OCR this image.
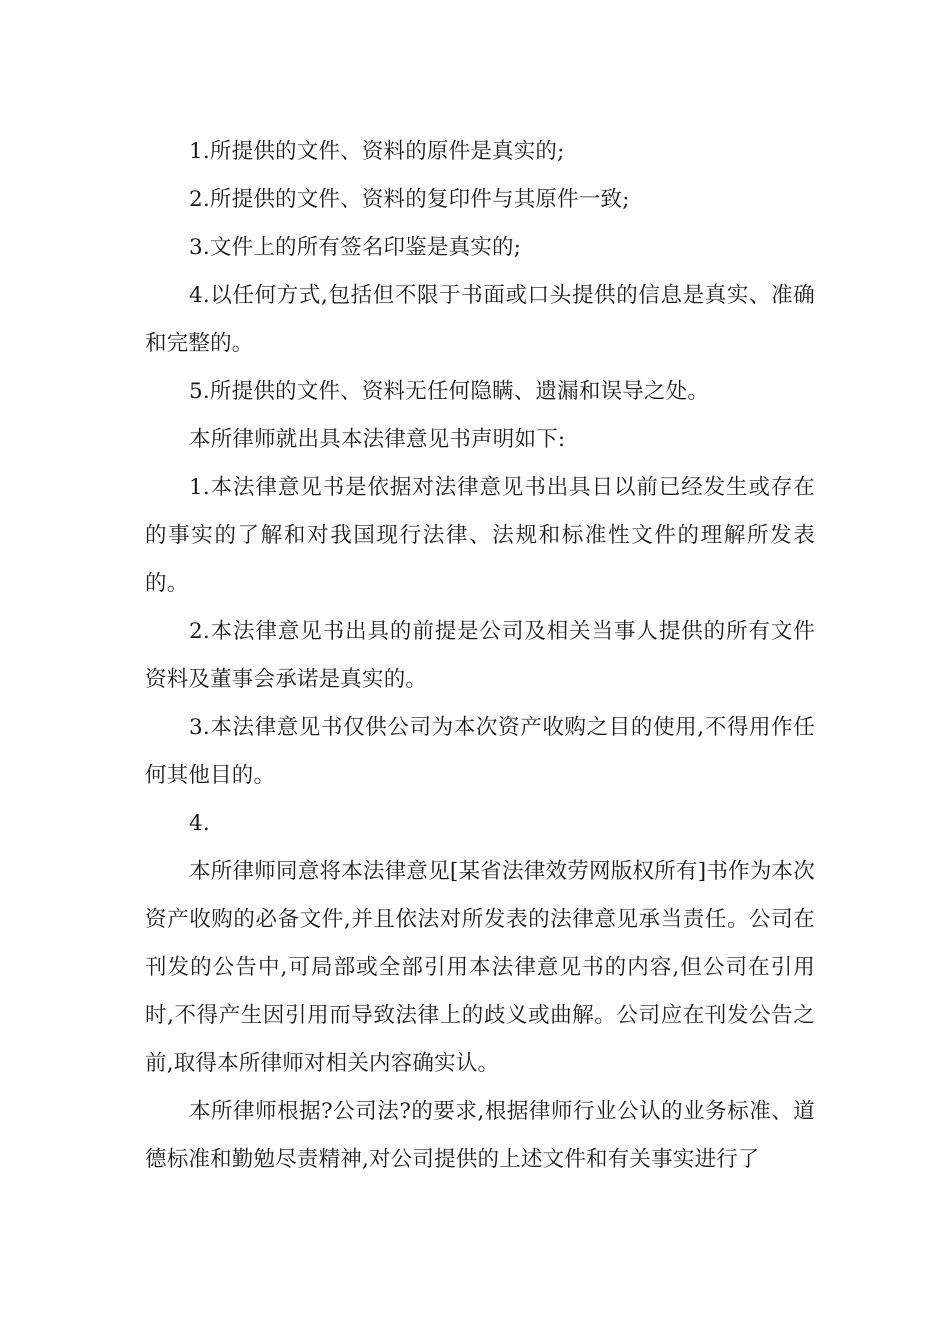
1.所提供的文件、资料的原件是真实的;

2.所提供的文件、资料的复印件与其原件一致;

3.文件上的所有签名印鉴是真实的;

4.以任何方式,包括但不限于书面或口头提供的信息是真实、准确和完整的。

5.所提供的文件、资料无任何隐瞒、遗漏和误导之处。

本所律师就出具本法律意见书声明如下:

1.本法律意见书是依据对法律意见书出具日以前已经发生或存在的事实的了解和对我国现行法律、法规和标准性文件的理解所发表的。

2.本法律意见书出具的前提是公司及相关当事人提供的所有文件资料及董事会承诺是真实的。

3.本法律意见书仅供公司为本次资产收购之目的使用,不得用作任何其他目的。

4.

本所律师同意将本法律意见[某省法律效劳网版权所有]书作为本次资产收购的必备文件,并且依法对所发表的法律意见承当责任。公司在刊发的公告中,可局部或全部引用本法律意见书的内容,但公司在引用时,不得产生因引用而导致法律上的歧义或曲解。公司应在刊发公告之前,取得本所律师对相关内容确实认。

本所律师根据?公司法?的要求,根据律师行业公认的业务标准、道德标准和勤勉尽责精神,对公司提供的上述文件和有关事实进行了
